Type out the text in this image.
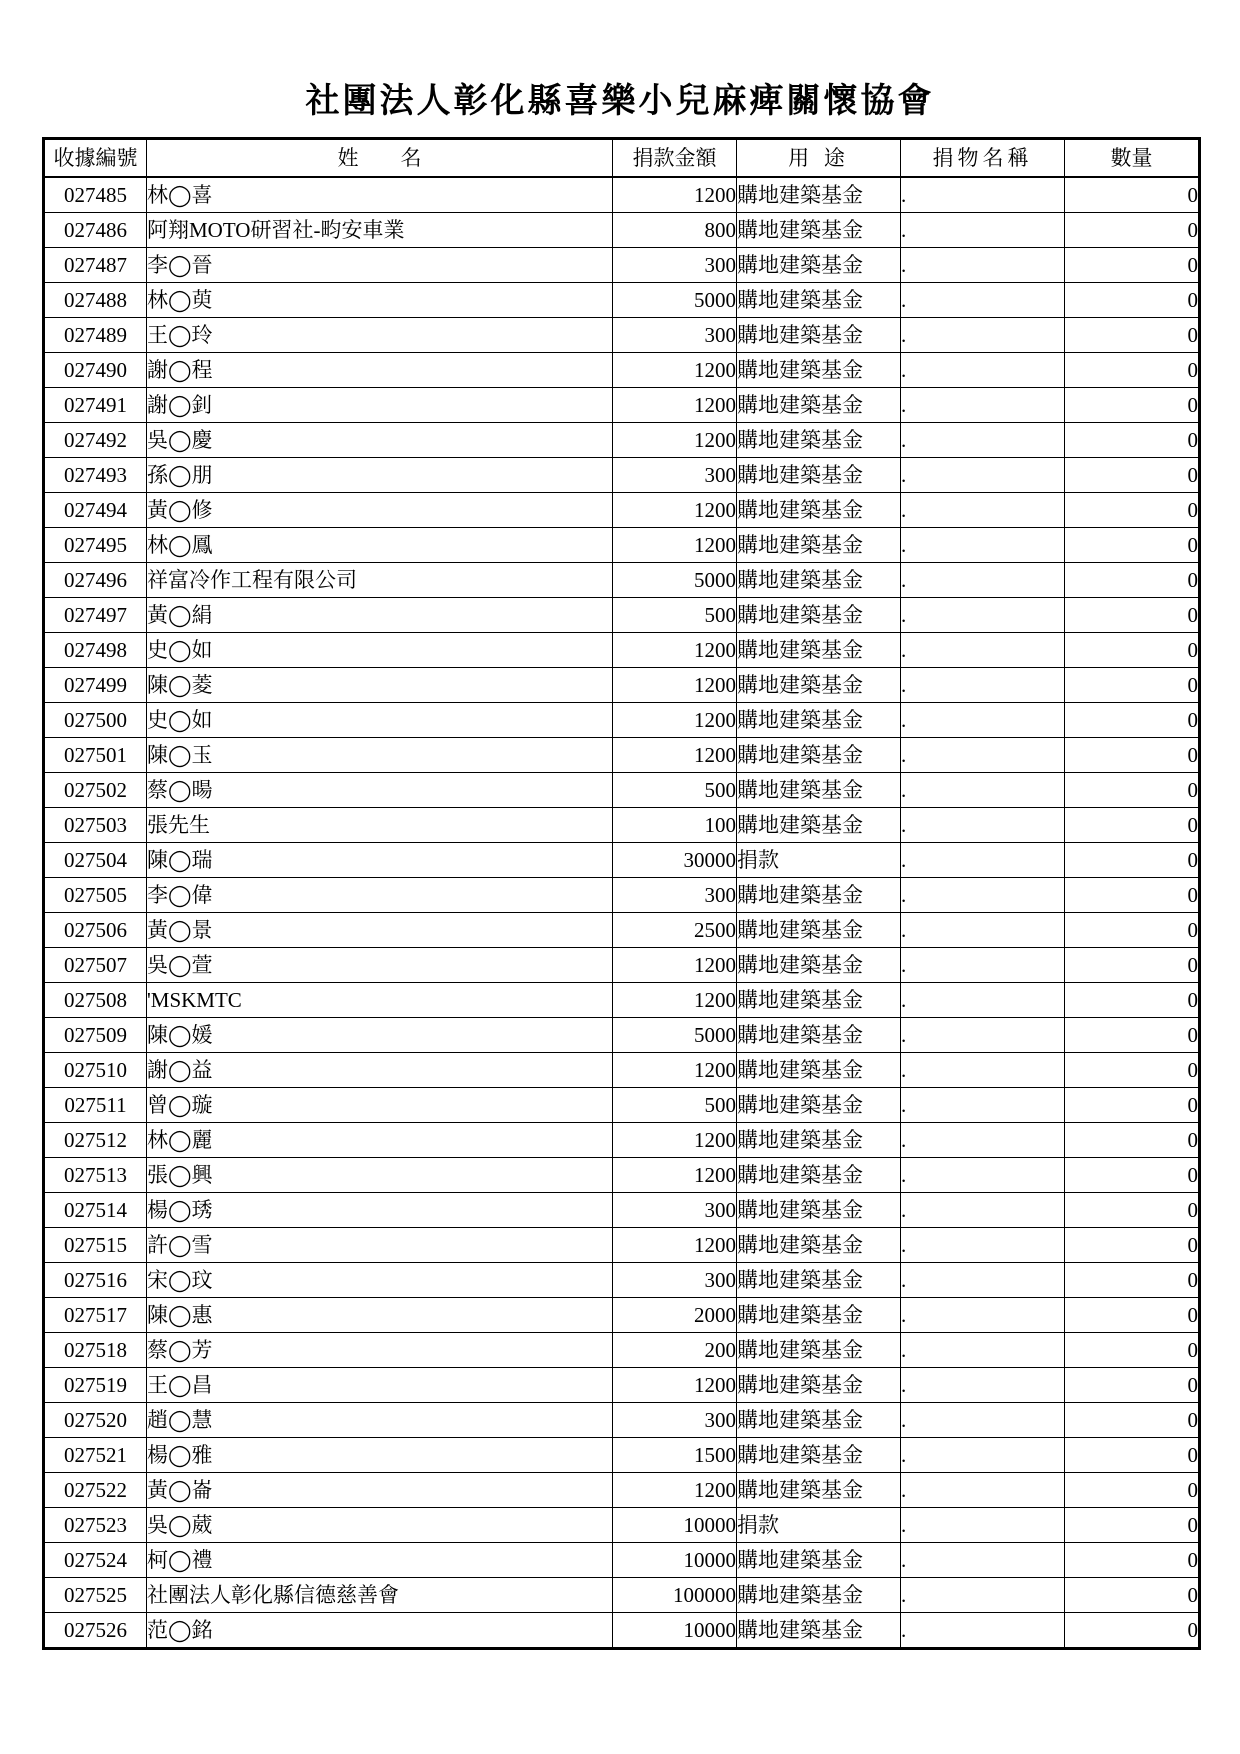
社團法人彰化縣喜樂小兒麻痺關懷協會
收據編號	姓　　名	捐款金額	用 途	捐物名稱	數量
027485	林◯喜	1200	購地建築基金	.	0
027486	阿翔MOTO研習社-畇安車業	800	購地建築基金	.	0
027487	李◯晉	300	購地建築基金	.	0
027488	林◯萸	5000	購地建築基金	.	0
027489	王◯玲	300	購地建築基金	.	0
027490	謝◯程	1200	購地建築基金	.	0
027491	謝◯釗	1200	購地建築基金	.	0
027492	吳◯慶	1200	購地建築基金	.	0
027493	孫◯朋	300	購地建築基金	.	0
027494	黃◯修	1200	購地建築基金	.	0
027495	林◯鳳	1200	購地建築基金	.	0
027496	祥富冷作工程有限公司	5000	購地建築基金	.	0
027497	黃◯絹	500	購地建築基金	.	0
027498	史◯如	1200	購地建築基金	.	0
027499	陳◯菱	1200	購地建築基金	.	0
027500	史◯如	1200	購地建築基金	.	0
027501	陳◯玉	1200	購地建築基金	.	0
027502	蔡◯暘	500	購地建築基金	.	0
027503	張先生	100	購地建築基金	.	0
027504	陳◯瑞	30000	捐款	.	0
027505	李◯偉	300	購地建築基金	.	0
027506	黃◯景	2500	購地建築基金	.	0
027507	吳◯萱	1200	購地建築基金	.	0
027508	'MSKMTC	1200	購地建築基金	.	0
027509	陳◯媛	5000	購地建築基金	.	0
027510	謝◯益	1200	購地建築基金	.	0
027511	曾◯璇	500	購地建築基金	.	0
027512	林◯麗	1200	購地建築基金	.	0
027513	張◯興	1200	購地建築基金	.	0
027514	楊◯琇	300	購地建築基金	.	0
027515	許◯雪	1200	購地建築基金	.	0
027516	宋◯玟	300	購地建築基金	.	0
027517	陳◯惠	2000	購地建築基金	.	0
027518	蔡◯芳	200	購地建築基金	.	0
027519	王◯昌	1200	購地建築基金	.	0
027520	趙◯慧	300	購地建築基金	.	0
027521	楊◯雅	1500	購地建築基金	.	0
027522	黃◯崙	1200	購地建築基金	.	0
027523	吳◯葳	10000	捐款	.	0
027524	柯◯禮	10000	購地建築基金	.	0
027525	社團法人彰化縣信德慈善會	100000	購地建築基金	.	0
027526	范◯銘	10000	購地建築基金	.	0
